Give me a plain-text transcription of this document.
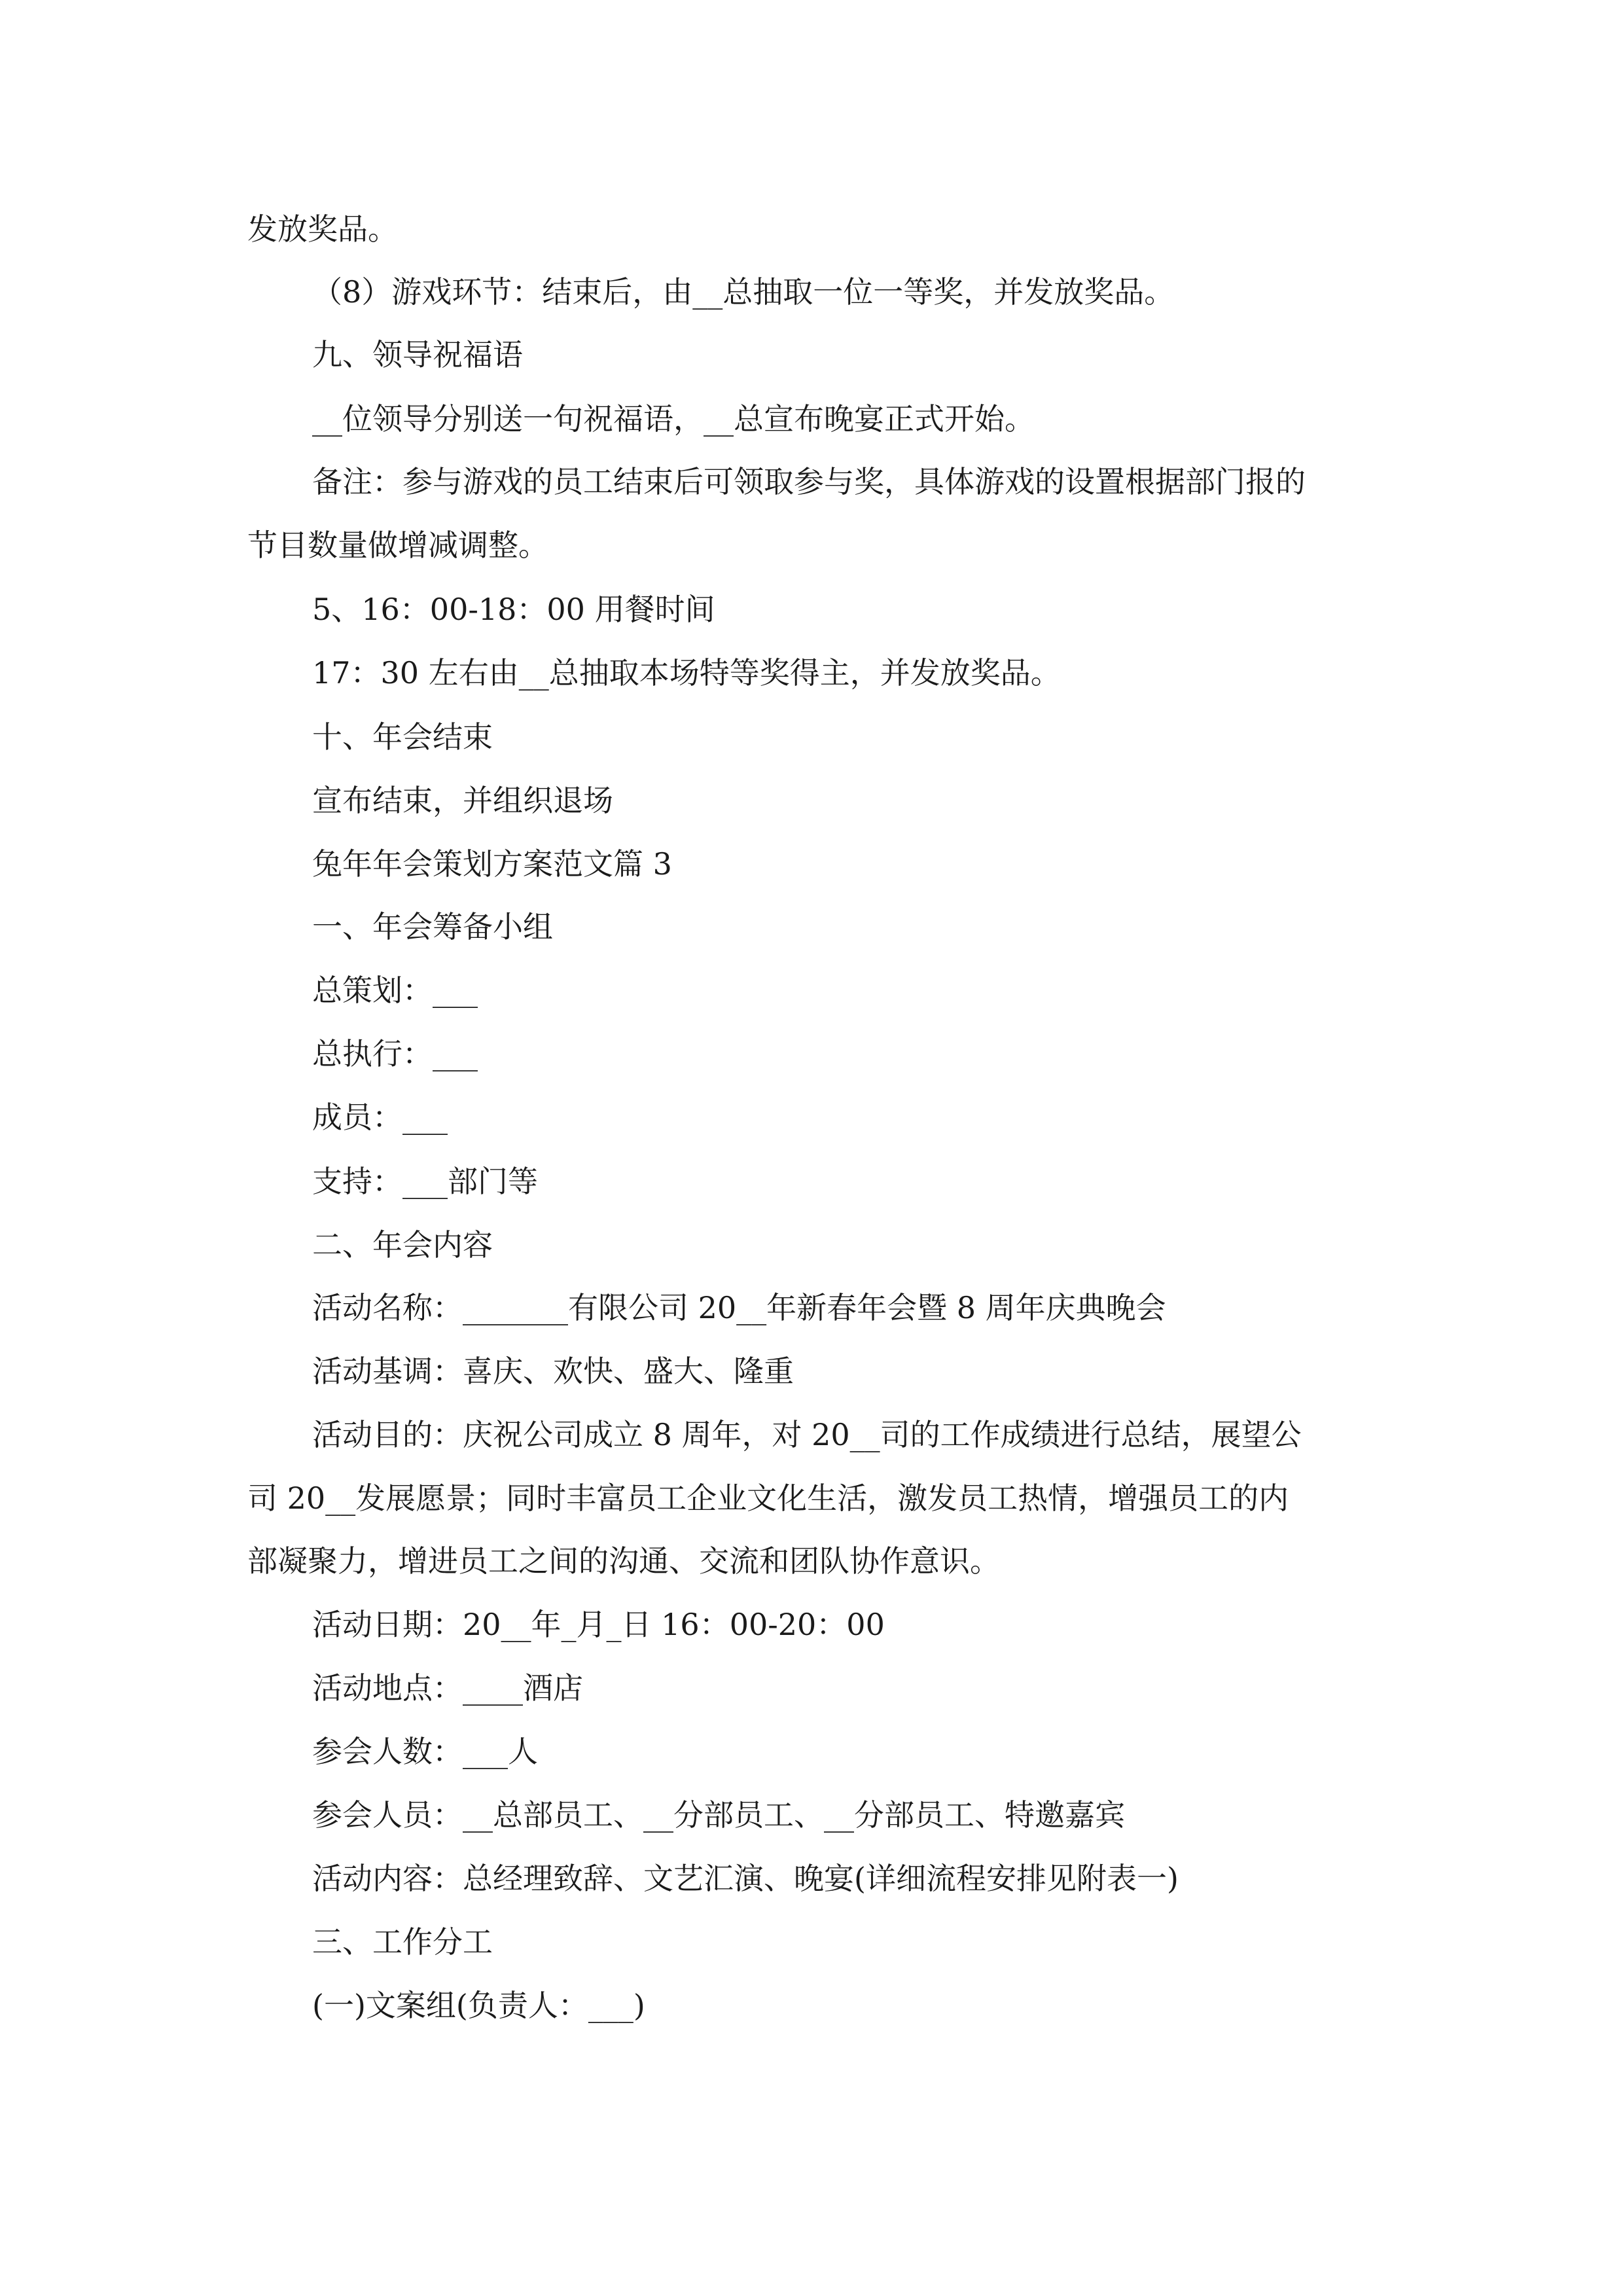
发放奖品。

（8）游戏环节：结束后，由__总抽取一位一等奖，并发放奖品。

九、领导祝福语

__位领导分别送一句祝福语，__总宣布晚宴正式开始。

备注：参与游戏的员工结束后可领取参与奖，具体游戏的设置根据部门报的

节目数量做增减调整。

5、16：00-18：00 用餐时间

17：30 左右由__总抽取本场特等奖得主，并发放奖品。

十、年会结束

宣布结束，并组织退场

兔年年会策划方案范文篇 3

一、年会筹备小组

总策划：___

总执行：___

成员：___

支持：___部门等

二、年会内容

活动名称：_______有限公司 20__年新春年会暨 8 周年庆典晚会

活动基调：喜庆、欢快、盛大、隆重

活动目的：庆祝公司成立 8 周年，对 20__司的工作成绩进行总结，展望公

司 20__发展愿景；同时丰富员工企业文化生活，激发员工热情，增强员工的内

部凝聚力，增进员工之间的沟通、交流和团队协作意识。

活动日期：20__年_月_日 16：00-20：00

活动地点：____酒店

参会人数：___人

参会人员：__总部员工、__分部员工、__分部员工、特邀嘉宾

活动内容：总经理致辞、文艺汇演、晚宴(详细流程安排见附表一)

三、工作分工

(一)文案组(负责人：___)
